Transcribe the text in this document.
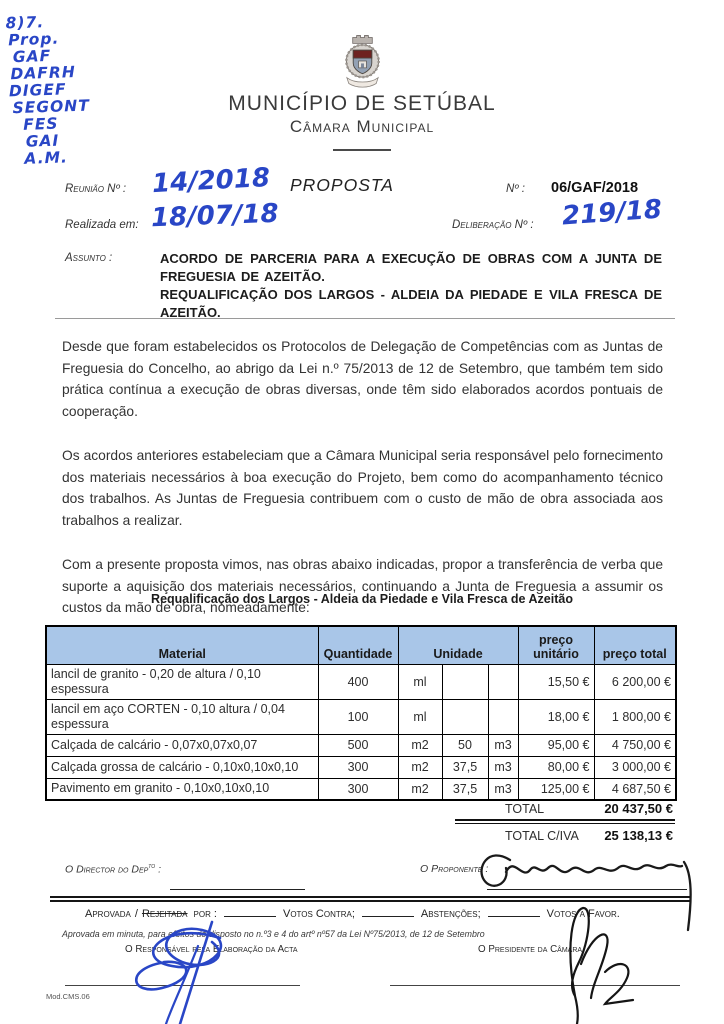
8)7.
Prop.
GAF
DAFRH
DIGEF
SEGONT
FES
GAI
A.M.
MUNICÍPIO DE SETÚBAL
Câmara Municipal
Reunião Nº : 14/2018 PROPOSTA	Nº : 06/GAF/2018
Realizada em: 18/07/18	Deliberação Nº : 219/18
Assunto :	ACORDO DE PARCERIA PARA A EXECUÇÃO DE OBRAS COM A JUNTA DE FREGUESIA DE AZEITÃO.
REQUALIFICAÇÃO DOS LARGOS - ALDEIA DA PIEDADE E VILA FRESCA DE AZEITÃO.

Desde que foram estabelecidos os Protocolos de Delegação de Competências com as Juntas de Freguesia do Concelho, ao abrigo da Lei n.º 75/2013 de 12 de Setembro, que também tem sido prática contínua a execução de obras diversas, onde têm sido elaborados acordos pontuais de cooperação.

Os acordos anteriores estabeleciam que a Câmara Municipal seria responsável pelo fornecimento dos materiais necessários à boa execução do Projeto, bem como do acompanhamento técnico dos trabalhos. As Juntas de Freguesia contribuem com o custo de mão de obra associada aos trabalhos a realizar.

Com a presente proposta vimos, nas obras abaixo indicadas, propor a transferência de verba que suporte a aquisição dos materiais necessários, continuando a Junta de Freguesia a assumir os custos da mão de obra, nomeadamente:

Requalificação dos Largos - Aldeia da Piedade e Vila Fresca de Azeitão
Material	Quantidade	Unidade			preço unitário	preço total
lancil de granito - 0,20 de altura / 0,10 espessura	400	ml			15,50 €	6 200,00 €
lancil em aço CORTEN - 0,10 altura / 0,04 espessura	100	ml			18,00 €	1 800,00 €
Calçada de calcário - 0,07x0,07x0,07	500	m2	50	m3	95,00 €	4 750,00 €
Calçada grossa de calcário - 0,10x0,10x0,10	300	m2	37,5	m3	80,00 €	3 000,00 €
Pavimento em granito - 0,10x0,10x0,10	300	m2	37,5	m3	125,00 €	4 687,50 €
TOTAL	20 437,50 €
TOTAL C/IVA 25 138,13 €
O Director do Dep$^{to}$ :	O Proponente :
Aprovada / Rejeitada por :	Votos Contra;	Abstenções;	Votos a Favor.
Aprovada em minuta, para efeitos do disposto no n.º3 e 4 do artº nº57 da Lei Nº75/2013, de 12 de Setembro
O Responsável pela Elaboração da Acta	O Presidente da Câmara
Mod.CMS.06
